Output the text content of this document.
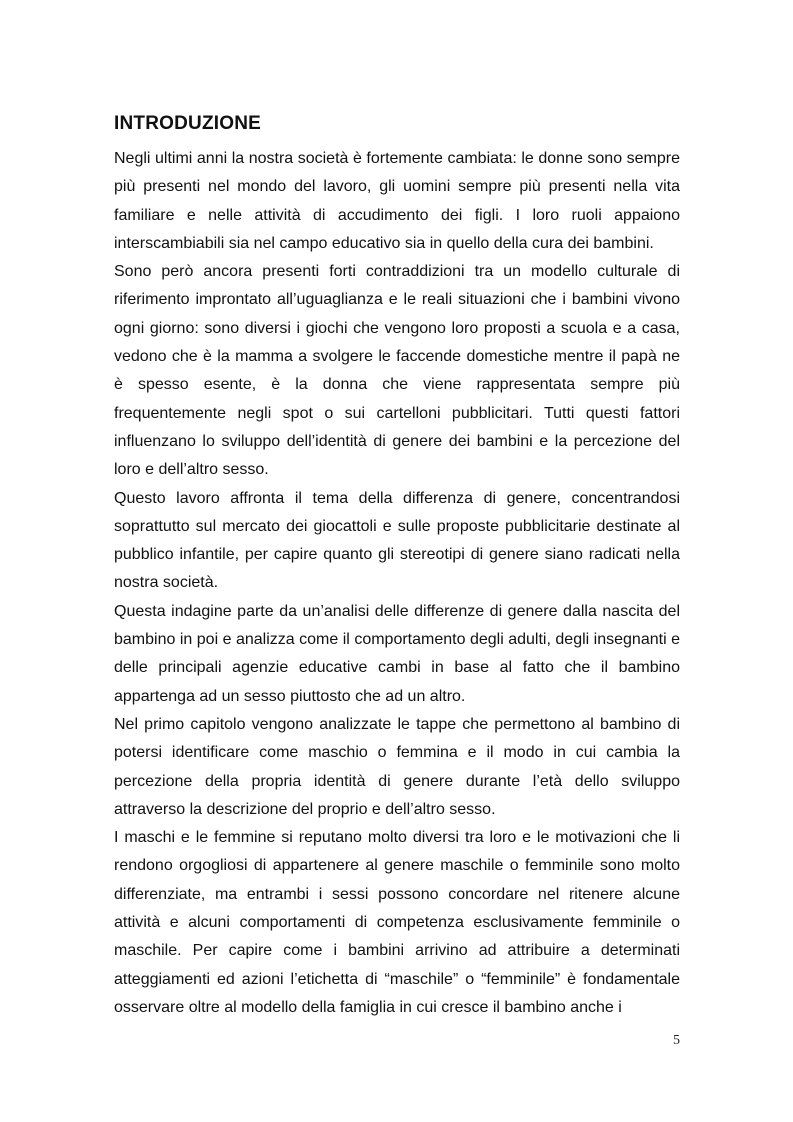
INTRODUZIONE

Negli ultimi anni la nostra società è fortemente cambiata: le donne sono sempre più presenti nel mondo del lavoro, gli uomini sempre più presenti nella vita familiare e nelle attività di accudimento dei figli. I loro ruoli appaiono interscambiabili sia nel campo educativo sia in quello della cura dei bambini.

Sono però ancora presenti forti contraddizioni tra un modello culturale di riferimento improntato all’uguaglianza e le reali situazioni che i bambini vivono ogni giorno: sono diversi i giochi che vengono loro proposti a scuola e a casa, vedono che è la mamma a svolgere le faccende domestiche mentre il papà ne è spesso esente, è la donna che viene rappresentata sempre più frequentemente negli spot o sui cartelloni pubblicitari. Tutti questi fattori influenzano lo sviluppo dell’identità di genere dei bambini e la percezione del loro e dell’altro sesso.

Questo lavoro affronta il tema della differenza di genere, concentrandosi soprattutto sul mercato dei giocattoli e sulle proposte pubblicitarie destinate al pubblico infantile, per capire quanto gli stereotipi di genere siano radicati nella nostra società.

Questa indagine parte da un’analisi delle differenze di genere dalla nascita del bambino in poi e analizza come il comportamento degli adulti, degli insegnanti e delle principali agenzie educative cambi in base al fatto che il bambino appartenga ad un sesso piuttosto che ad un altro.

Nel primo capitolo vengono analizzate le tappe che permettono al bambino di potersi identificare come maschio o femmina e il modo in cui cambia la percezione della propria identità di genere durante l’età dello sviluppo attraverso la descrizione del proprio e dell’altro sesso.

I maschi e le femmine si reputano molto diversi tra loro e le motivazioni che li rendono orgogliosi di appartenere al genere maschile o femminile sono molto differenziate, ma entrambi i sessi possono concordare nel ritenere alcune attività e alcuni comportamenti di competenza esclusivamente femminile o maschile. Per capire come i bambini arrivino ad attribuire a determinati atteggiamenti ed azioni l’etichetta di “maschile” o “femminile” è fondamentale osservare oltre al modello della famiglia in cui cresce il bambino anche i

5
